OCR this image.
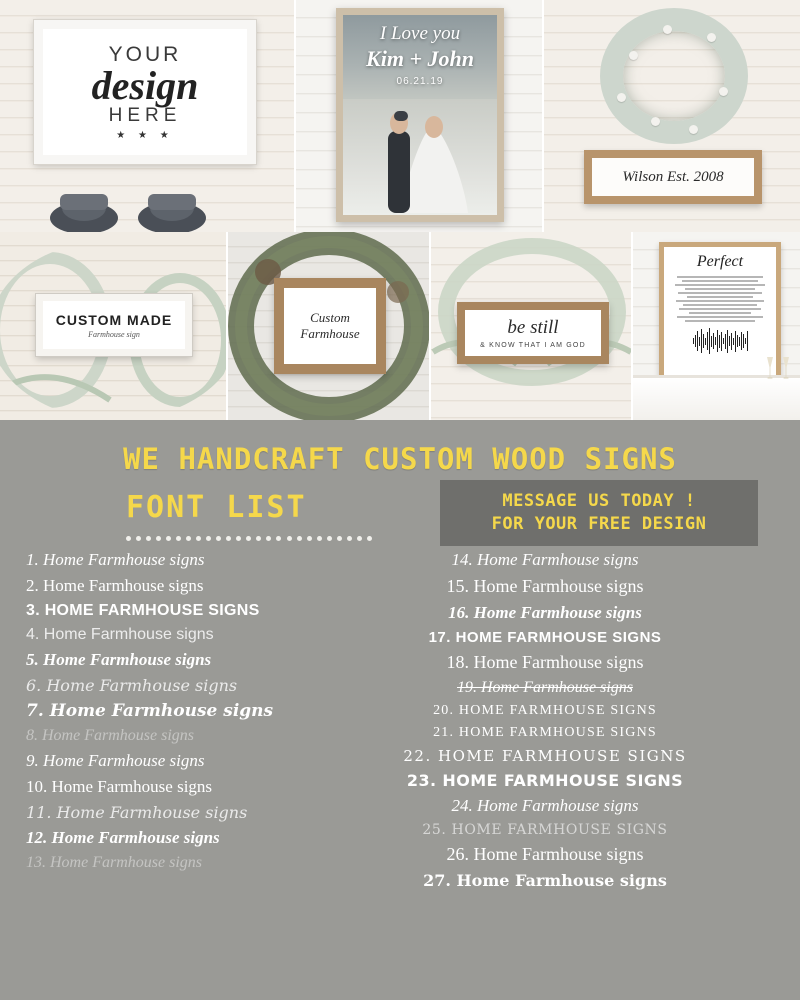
YOUR
design
HERE
★ ★ ★
I Love you
Kim + John
06.21.19
Wilson Est. 2008
CUSTOM MADE
Farmhouse sign
Custom
Farmhouse	be still
& KNOW THAT I AM GOD
Perfect
WE HANDCRAFT CUSTOM WOOD SIGNS
FONT LIST	MESSAGE US TODAY !
FOR YOUR FREE DESIGN
1. Home Farmhouse signs
2. Home Farmhouse signs
3. HOME FARMHOUSE SIGNS
4. Home Farmhouse signs
5. Home Farmhouse signs
6. Home Farmhouse signs
7. Home Farmhouse signs
8. Home Farmhouse signs
9. Home Farmhouse signs
10. Home Farmhouse signs
11. Home Farmhouse signs
12. Home Farmhouse signs
13. Home Farmhouse signs
14. Home Farmhouse signs
15. Home Farmhouse signs
16. Home Farmhouse signs
17. HOME FARMHOUSE SIGNS
18. Home Farmhouse signs
19. Home Farmhouse signs
20. HOME FARMHOUSE SIGNS
21. HOME FARMHOUSE SIGNS
22. HOME FARMHOUSE SIGNS
23. HOME FARMHOUSE SIGNS
24. Home Farmhouse signs
25. HOME FARMHOUSE SIGNS
26. Home Farmhouse signs
27. Home Farmhouse signs
